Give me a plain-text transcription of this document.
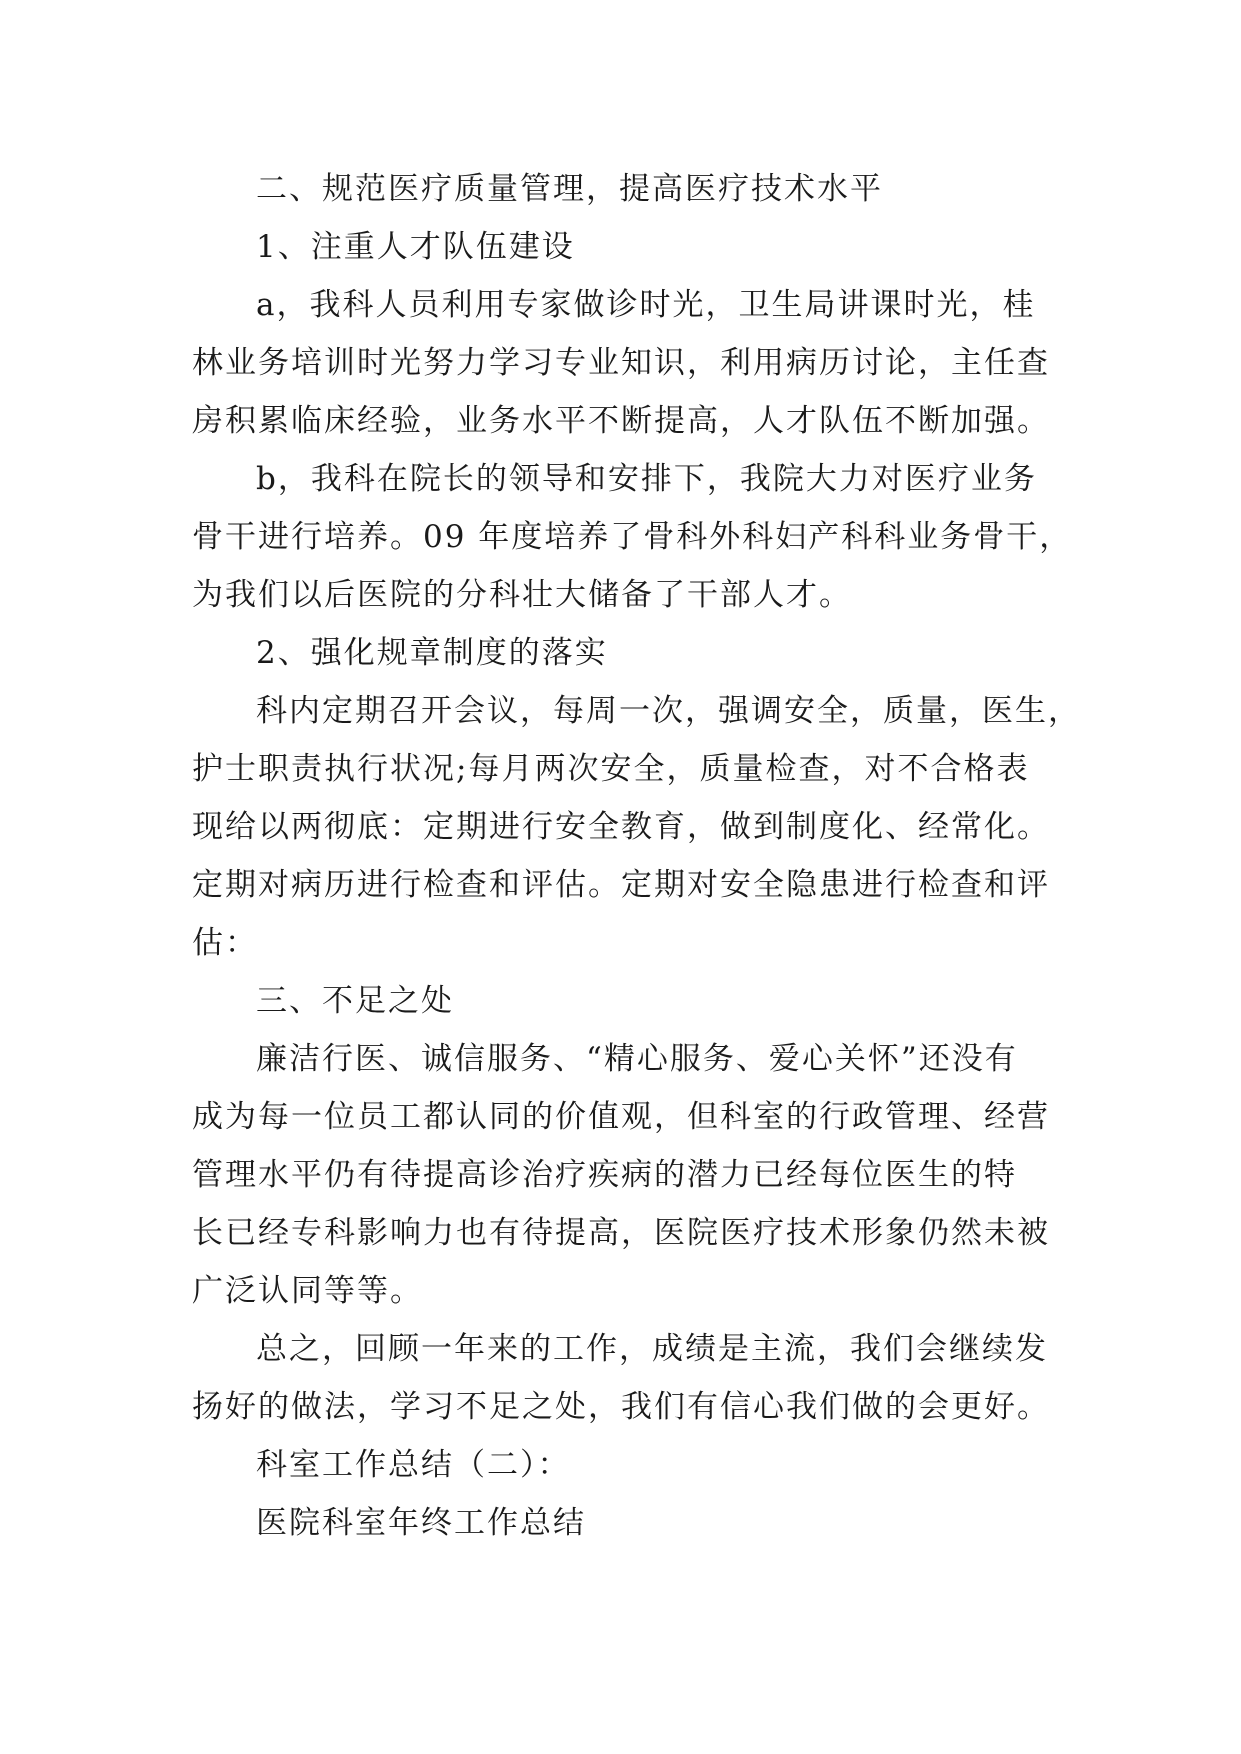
二、规范医疗质量管理，提高医疗技术水平
1、注重人才队伍建设
a，我科人员利用专家做诊时光，卫生局讲课时光，桂
林业务培训时光努力学习专业知识，利用病历讨论，主任查
房积累临床经验，业务水平不断提高，人才队伍不断加强。
b，我科在院长的领导和安排下，我院大力对医疗业务
骨干进行培养。09 年度培养了骨科外科妇产科科业务骨干，
为我们以后医院的分科壮大储备了干部人才。
2、强化规章制度的落实
科内定期召开会议，每周一次，强调安全，质量，医生，
护士职责执行状况;每月两次安全，质量检查，对不合格表
现给以两彻底：定期进行安全教育，做到制度化、经常化。
定期对病历进行检查和评估。定期对安全隐患进行检查和评
估：
三、不足之处
廉洁行医、诚信服务、“精心服务、爱心关怀”还没有
成为每一位员工都认同的价值观，但科室的行政管理、经营
管理水平仍有待提高诊治疗疾病的潜力已经每位医生的特
长已经专科影响力也有待提高，医院医疗技术形象仍然未被
广泛认同等等。
总之，回顾一年来的工作，成绩是主流，我们会继续发
扬好的做法，学习不足之处，我们有信心我们做的会更好。
科室工作总结（二）：
医院科室年终工作总结
